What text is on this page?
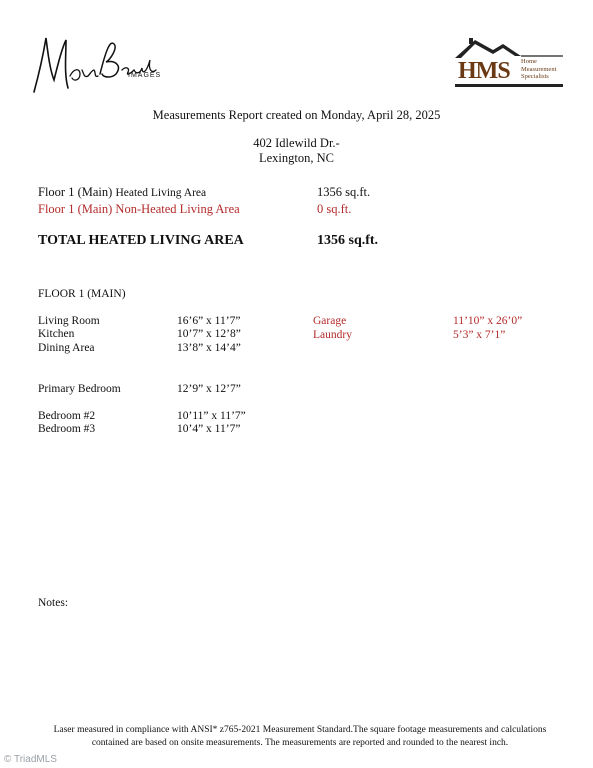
IMAGES	HMS Home
Measurement
Specialists
Measurements Report created on Monday, April 28, 2025
402 Idlewild Dr.-
Lexington, NC
Floor 1 (Main) Heated Living Area	1356 sq.ft.
Floor 1 (Main) Non-Heated Living Area	0 sq.ft.
TOTAL HEATED LIVING AREA	1356 sq.ft.
FLOOR 1 (MAIN)
Living Room	16’6” x 11’7”
Kitchen	10’7” x 12’8”
Dining Area	13’8” x 14’4”
Primary Bedroom	12’9” x 12’7”
Bedroom #2	10’11” x 11’7”
Bedroom #3	10’4” x 11’7”
Garage	11’10” x 26’0”
Laundry	5’3” x 7’1”
Notes:
Laser measured in compliance with ANSI* z765-2021 Measurement Standard.The square footage measurements and calculations
contained are based on onsite measurements. The measurements are reported and rounded to the nearest inch.
© TriadMLS
